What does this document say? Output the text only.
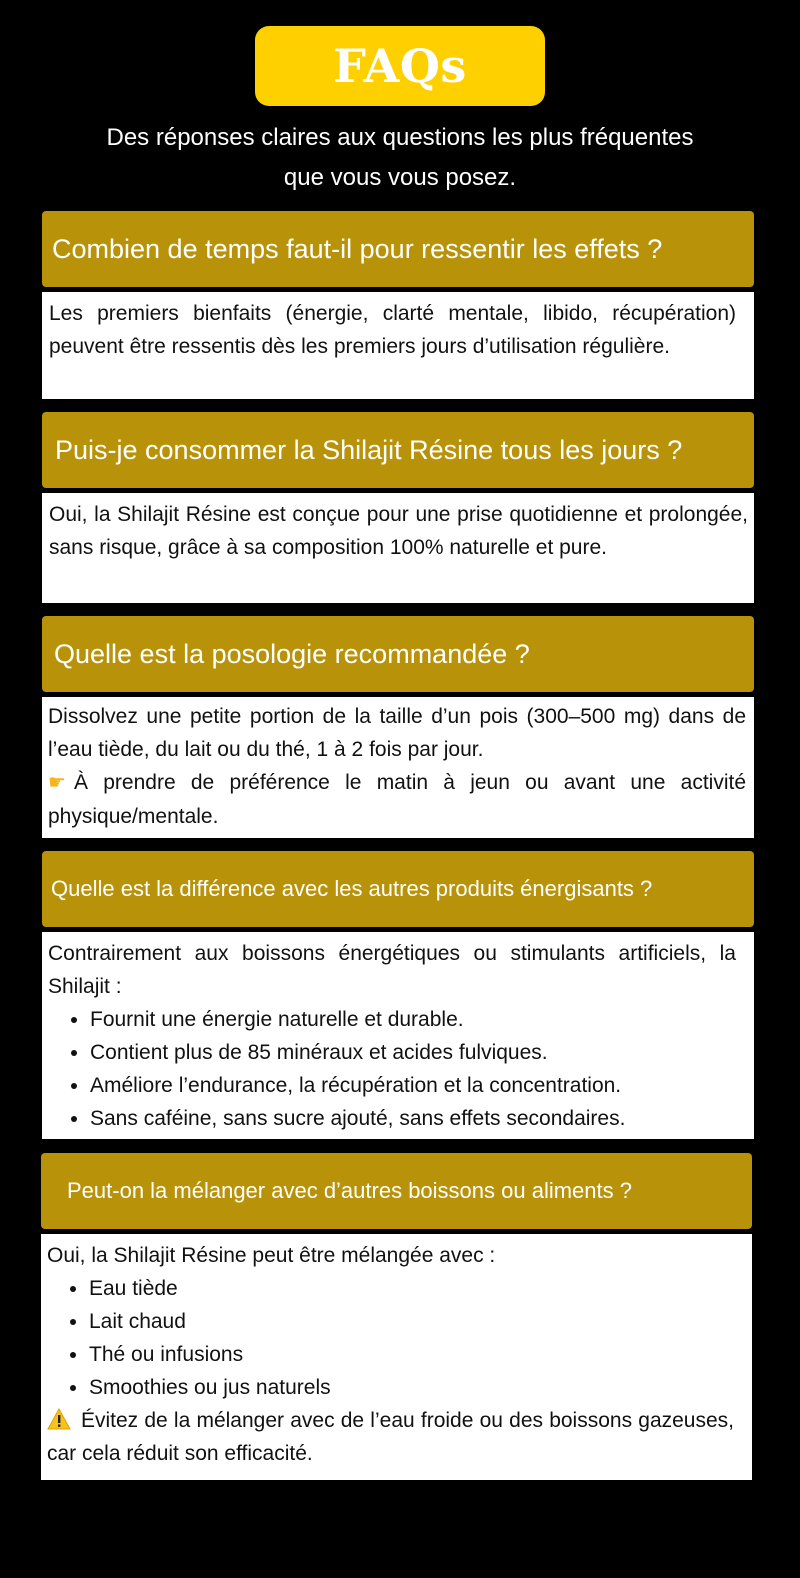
FAQs
Des réponses claires aux questions les plus fréquentes
que vous vous posez.
Combien de temps faut-il pour ressentir les effets ?
Les premiers bienfaits (énergie, clarté mentale, libido, récupération) peuvent être ressentis dès les premiers jours d’utilisation régulière.
Puis-je consommer la Shilajit Résine tous les jours ?
Oui, la Shilajit Résine est conçue pour une prise quotidienne et prolongée, sans risque, grâce à sa composition 100% naturelle et pure.
Quelle est la posologie recommandée ?
Dissolvez une petite portion de la taille d’un pois (300–500 mg) dans de l’eau tiède, du lait ou du thé, 1 à 2 fois par jour.
☛ À prendre de préférence le matin à jeun ou avant une activité physique/mentale.
Quelle est la différence avec les autres produits énergisants ?
Contrairement aux boissons énergétiques ou stimulants artificiels, la Shilajit :
• Fournit une énergie naturelle et durable.
• Contient plus de 85 minéraux et acides fulviques.
• Améliore l’endurance, la récupération et la concentration.
• Sans caféine, sans sucre ajouté, sans effets secondaires.
Peut-on la mélanger avec d’autres boissons ou aliments ?
Oui, la Shilajit Résine peut être mélangée avec :
• Eau tiède
• Lait chaud
• Thé ou infusions
• Smoothies ou jus naturels
Évitez de la mélanger avec de l’eau froide ou des boissons gazeuses, car cela réduit son efficacité.
